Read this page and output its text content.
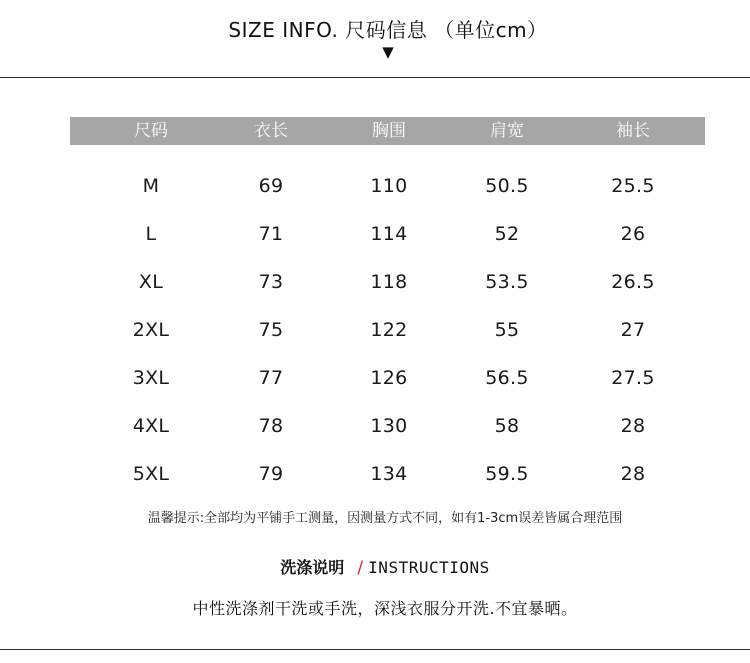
SIZE INFO. 尺码信息 （单位cm）
▼
尺码	衣长	胸围	肩宽	袖长
M	69	110	50.5	25.5
L	71	114	52	26
XL	73	118	53.5	26.5
2XL	75	122	55	27
3XL	77	126	56.5	27.5
4XL	78	130	58	28
5XL	79	134	59.5	28
温馨提示:全部均为平铺手工测量，因测量方式不同，如有1-3cm误差皆属合理范围
洗涤说明 / INSTRUCTIONS
中性洗涤剂干洗或手洗，深浅衣服分开洗.不宜暴晒。
